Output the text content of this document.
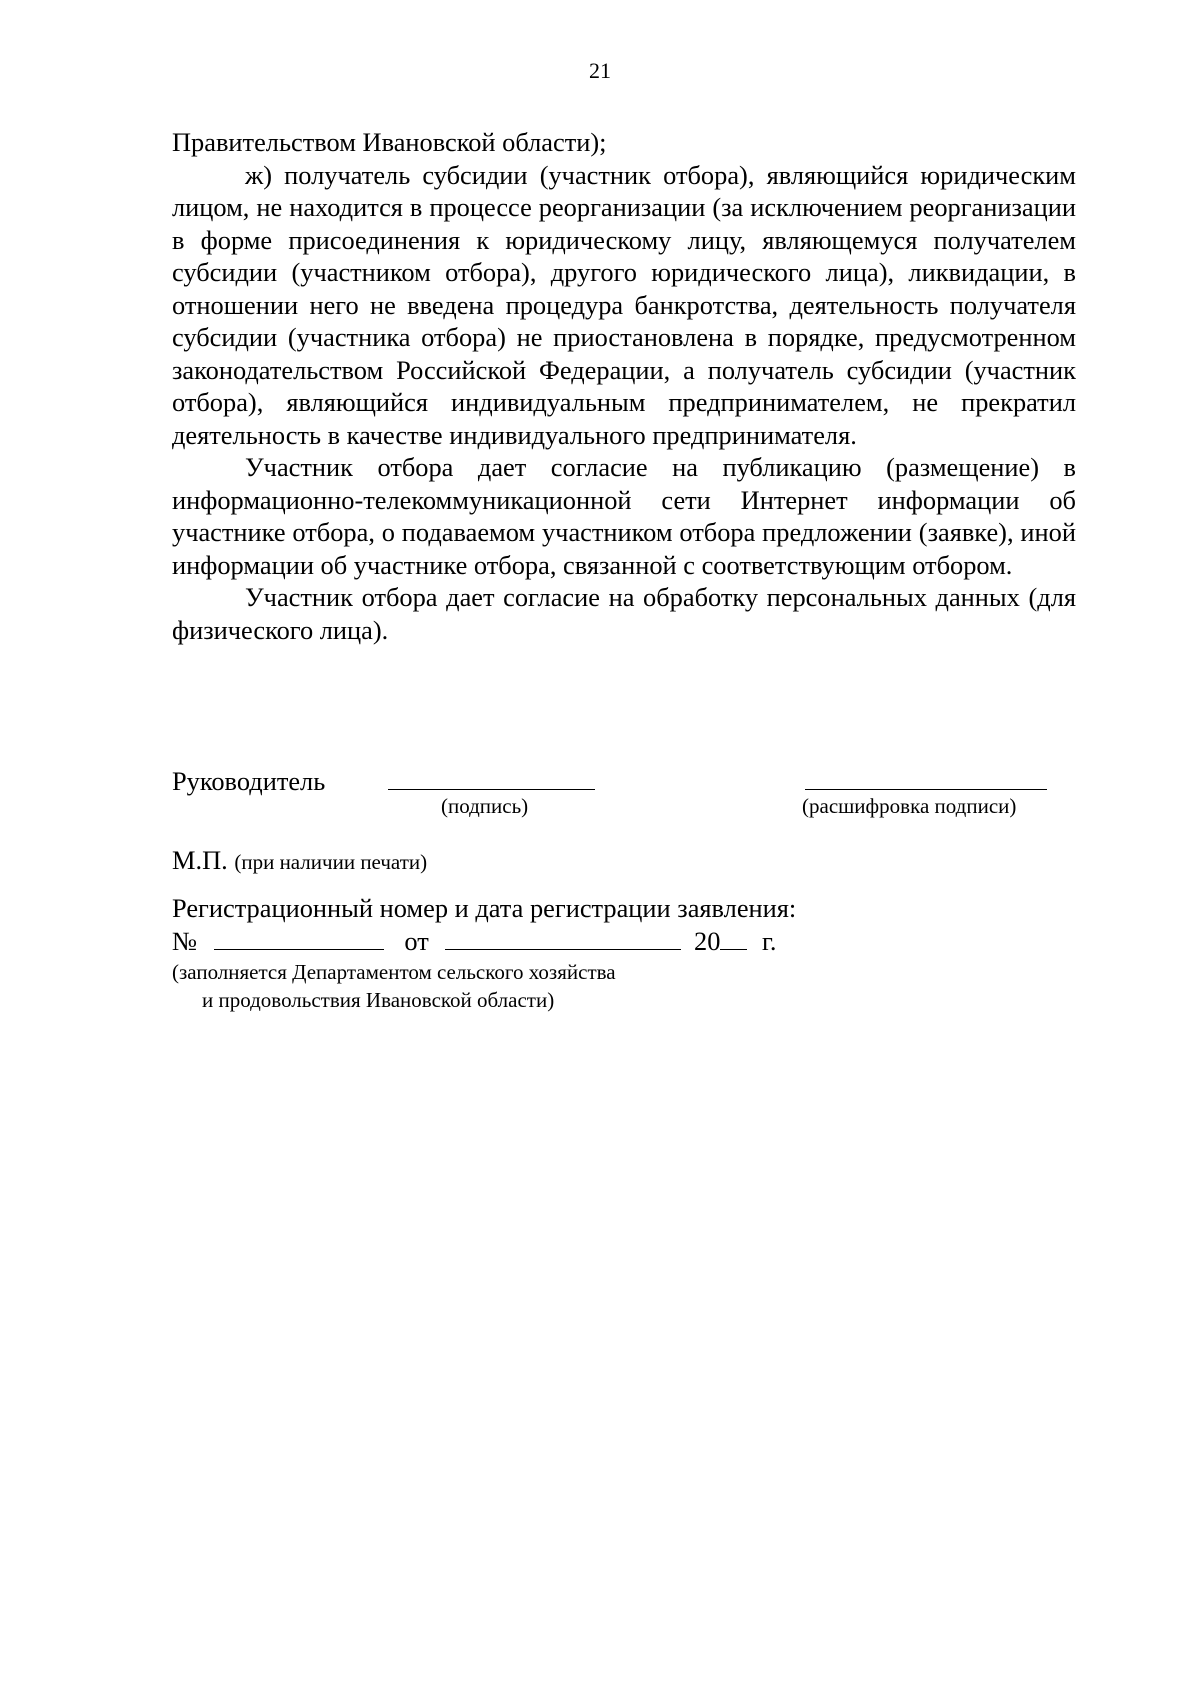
21

Правительством Ивановской области);

ж) получатель субсидии (участник отбора), являющийся юридическим лицом, не находится в процессе реорганизации (за исключением реорганизации в форме присоединения к юридическому лицу, являющемуся получателем субсидии (участником отбора), другого юридического лица), ликвидации, в отношении него не введена процедура банкротства, деятельность получателя субсидии (участника отбора) не приостановлена в порядке, предусмотренном законодательством Российской Федерации, а получатель субсидии (участник отбора), являющийся индивидуальным предпринимателем, не прекратил деятельность в качестве индивидуального предпринимателя.

Участник отбора дает согласие на публикацию (размещение) в информационно-телекоммуникационной сети Интернет информации об участнике отбора, о подаваемом участником отбора предложении (заявке), иной информации об участнике отбора, связанной с соответствующим отбором.

Участник отбора дает согласие на обработку персональных данных (для физического лица).

Руководитель
(подпись)	(расшифровка подписи)
М.П. (при наличии печати)
Регистрационный номер и дата регистрации заявления:
№	от	20 г.
(заполняется Департаментом сельского хозяйства
и продовольствия Ивановской области)
